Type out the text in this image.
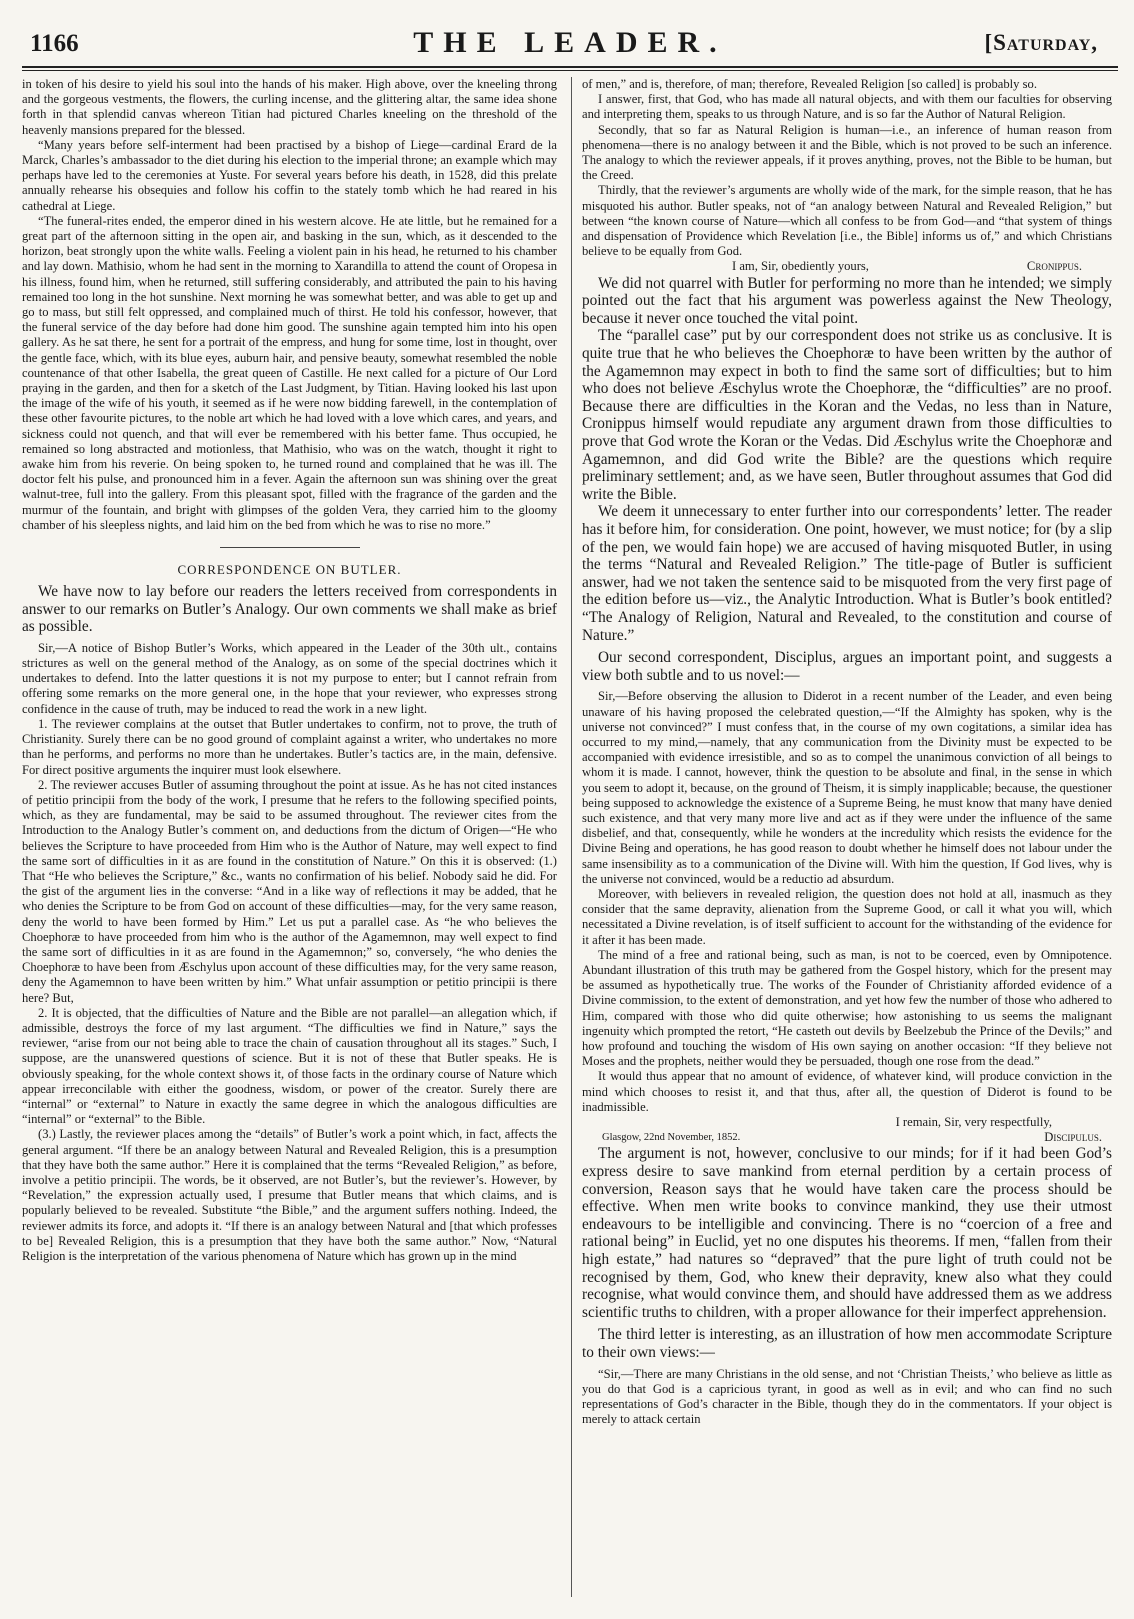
1166	THE LEADER.	[Saturday,

in token of his desire to yield his soul into the hands of his maker. High above, over the kneeling throng and the gorgeous vestments, the flowers, the curling incense, and the glittering altar, the same idea shone forth in that splendid canvas whereon Titian had pictured Charles kneeling on the threshold of the heavenly mansions prepared for the blessed.

“Many years before self-interment had been practised by a bishop of Liege—cardinal Erard de la Marck, Charles’s ambassador to the diet during his election to the imperial throne; an example which may perhaps have led to the ceremonies at Yuste. For several years before his death, in 1528, did this prelate annually rehearse his obsequies and follow his coffin to the stately tomb which he had reared in his cathedral at Liege.

“The funeral-rites ended, the emperor dined in his western alcove. He ate little, but he remained for a great part of the afternoon sitting in the open air, and basking in the sun, which, as it descended to the horizon, beat strongly upon the white walls. Feeling a violent pain in his head, he returned to his chamber and lay down. Mathisio, whom he had sent in the morning to Xarandilla to attend the count of Oropesa in his illness, found him, when he returned, still suffering considerably, and attributed the pain to his having remained too long in the hot sunshine. Next morning he was somewhat better, and was able to get up and go to mass, but still felt oppressed, and complained much of thirst. He told his confessor, however, that the funeral service of the day before had done him good. The sunshine again tempted him into his open gallery. As he sat there, he sent for a portrait of the empress, and hung for some time, lost in thought, over the gentle face, which, with its blue eyes, auburn hair, and pensive beauty, somewhat resembled the noble countenance of that other Isabella, the great queen of Castille. He next called for a picture of Our Lord praying in the garden, and then for a sketch of the Last Judgment, by Titian. Having looked his last upon the image of the wife of his youth, it seemed as if he were now bidding farewell, in the contemplation of these other favourite pictures, to the noble art which he had loved with a love which cares, and years, and sickness could not quench, and that will ever be remembered with his better fame. Thus occupied, he remained so long abstracted and motionless, that Mathisio, who was on the watch, thought it right to awake him from his reverie. On being spoken to, he turned round and complained that he was ill. The doctor felt his pulse, and pronounced him in a fever. Again the afternoon sun was shining over the great walnut-tree, full into the gallery. From this pleasant spot, filled with the fragrance of the garden and the murmur of the fountain, and bright with glimpses of the golden Vera, they carried him to the gloomy chamber of his sleepless nights, and laid him on the bed from which he was to rise no more.”

CORRESPONDENCE ON BUTLER.

We have now to lay before our readers the letters received from correspondents in answer to our remarks on Butler’s Analogy. Our own comments we shall make as brief as possible.

Sir,—A notice of Bishop Butler’s Works, which appeared in the Leader of the 30th ult., contains strictures as well on the general method of the Analogy, as on some of the special doctrines which it undertakes to defend. Into the latter questions it is not my purpose to enter; but I cannot refrain from offering some remarks on the more general one, in the hope that your reviewer, who expresses strong confidence in the cause of truth, may be induced to read the work in a new light.

1. The reviewer complains at the outset that Butler undertakes to confirm, not to prove, the truth of Christianity. Surely there can be no good ground of complaint against a writer, who undertakes no more than he performs, and performs no more than he undertakes. Butler’s tactics are, in the main, defensive. For direct positive arguments the inquirer must look elsewhere.

2. The reviewer accuses Butler of assuming throughout the point at issue. As he has not cited instances of petitio principii from the body of the work, I presume that he refers to the following specified points, which, as they are fundamental, may be said to be assumed throughout. The reviewer cites from the Introduction to the Analogy Butler’s comment on, and deductions from the dictum of Origen—“He who believes the Scripture to have proceeded from Him who is the Author of Nature, may well expect to find the same sort of difficulties in it as are found in the constitution of Nature.” On this it is observed: (1.) That “He who believes the Scripture,” &c., wants no confirmation of his belief. Nobody said he did. For the gist of the argument lies in the converse: “And in a like way of reflections it may be added, that he who denies the Scripture to be from God on account of these difficulties—may, for the very same reason, deny the world to have been formed by Him.” Let us put a parallel case. As “he who believes the Choephoræ to have proceeded from him who is the author of the Agamemnon, may well expect to find the same sort of difficulties in it as are found in the Agamemnon;” so, conversely, “he who denies the Choephoræ to have been from Æschylus upon account of these difficulties may, for the very same reason, deny the Agamemnon to have been written by him.” What unfair assumption or petitio principii is there here? But,

2. It is objected, that the difficulties of Nature and the Bible are not parallel—an allegation which, if admissible, destroys the force of my last argument. “The difficulties we find in Nature,” says the reviewer, “arise from our not being able to trace the chain of causation throughout all its stages.” Such, I suppose, are the unanswered questions of science. But it is not of these that Butler speaks. He is obviously speaking, for the whole context shows it, of those facts in the ordinary course of Nature which appear irreconcilable with either the goodness, wisdom, or power of the creator. Surely there are “internal” or “external” to Nature in exactly the same degree in which the analogous difficulties are “internal” or “external” to the Bible.

(3.) Lastly, the reviewer places among the “details” of Butler’s work a point which, in fact, affects the general argument. “If there be an analogy between Natural and Revealed Religion, this is a presumption that they have both the same author.” Here it is complained that the terms “Revealed Religion,” as before, involve a petitio principii. The words, be it observed, are not Butler’s, but the reviewer’s. However, by “Revelation,” the expression actually used, I presume that Butler means that which claims, and is popularly believed to be revealed. Substitute “the Bible,” and the argument suffers nothing. Indeed, the reviewer admits its force, and adopts it. “If there is an analogy between Natural and [that which professes to be] Revealed Religion, this is a presumption that they have both the same author.” Now, “Natural Religion is the interpretation of the various phenomena of Nature which has grown up in the mind

of men,” and is, therefore, of man; therefore, Revealed Religion [so called] is probably so.

I answer, first, that God, who has made all natural objects, and with them our faculties for observing and interpreting them, speaks to us through Nature, and is so far the Author of Natural Religion.

Secondly, that so far as Natural Religion is human—i.e., an inference of human reason from phenomena—there is no analogy between it and the Bible, which is not proved to be such an inference. The analogy to which the reviewer appeals, if it proves anything, proves, not the Bible to be human, but the Creed.

Thirdly, that the reviewer’s arguments are wholly wide of the mark, for the simple reason, that he has misquoted his author. Butler speaks, not of “an analogy between Natural and Revealed Religion,” but between “the known course of Nature—which all confess to be from God—and “that system of things and dispensation of Providence which Revelation [i.e., the Bible] informs us of,” and which Christians believe to be equally from God.

I am, Sir, obediently yours,	Cronippus.

We did not quarrel with Butler for performing no more than he intended; we simply pointed out the fact that his argument was powerless against the New Theology, because it never once touched the vital point.

The “parallel case” put by our correspondent does not strike us as conclusive. It is quite true that he who believes the Choephoræ to have been written by the author of the Agamemnon may expect in both to find the same sort of difficulties; but to him who does not believe Æschylus wrote the Choephoræ, the “difficulties” are no proof. Because there are difficulties in the Koran and the Vedas, no less than in Nature, Cronippus himself would repudiate any argument drawn from those difficulties to prove that God wrote the Koran or the Vedas. Did Æschylus write the Choephoræ and Agamemnon, and did God write the Bible? are the questions which require preliminary settlement; and, as we have seen, Butler throughout assumes that God did write the Bible.

We deem it unnecessary to enter further into our correspondents’ letter. The reader has it before him, for consideration. One point, however, we must notice; for (by a slip of the pen, we would fain hope) we are accused of having misquoted Butler, in using the terms “Natural and Revealed Religion.” The title-page of Butler is sufficient answer, had we not taken the sentence said to be misquoted from the very first page of the edition before us—viz., the Analytic Introduction. What is Butler’s book entitled? “The Analogy of Religion, Natural and Revealed, to the constitution and course of Nature.”

Our second correspondent, Disciplus, argues an important point, and suggests a view both subtle and to us novel:—

Sir,—Before observing the allusion to Diderot in a recent number of the Leader, and even being unaware of his having proposed the celebrated question,—“If the Almighty has spoken, why is the universe not convinced?” I must confess that, in the course of my own cogitations, a similar idea has occurred to my mind,—namely, that any communication from the Divinity must be expected to be accompanied with evidence irresistible, and so as to compel the unanimous conviction of all beings to whom it is made. I cannot, however, think the question to be absolute and final, in the sense in which you seem to adopt it, because, on the ground of Theism, it is simply inapplicable; because, the questioner being supposed to acknowledge the existence of a Supreme Being, he must know that many have denied such existence, and that very many more live and act as if they were under the influence of the same disbelief, and that, consequently, while he wonders at the incredulity which resists the evidence for the Divine Being and operations, he has good reason to doubt whether he himself does not labour under the same insensibility as to a communication of the Divine will. With him the question, If God lives, why is the universe not convinced, would be a reductio ad absurdum.

Moreover, with believers in revealed religion, the question does not hold at all, inasmuch as they consider that the same depravity, alienation from the Supreme Good, or call it what you will, which necessitated a Divine revelation, is of itself sufficient to account for the withstanding of the evidence for it after it has been made.

The mind of a free and rational being, such as man, is not to be coerced, even by Omnipotence. Abundant illustration of this truth may be gathered from the Gospel history, which for the present may be assumed as hypothetically true. The works of the Founder of Christianity afforded evidence of a Divine commission, to the extent of demonstration, and yet how few the number of those who adhered to Him, compared with those who did quite otherwise; how astonishing to us seems the malignant ingenuity which prompted the retort, “He casteth out devils by Beelzebub the Prince of the Devils;” and how profound and touching the wisdom of His own saying on another occasion: “If they believe not Moses and the prophets, neither would they be persuaded, though one rose from the dead.”

It would thus appear that no amount of evidence, of whatever kind, will produce conviction in the mind which chooses to resist it, and that thus, after all, the question of Diderot is found to be inadmissible.

I remain, Sir, very respectfully,
Glasgow, 22nd November, 1852.	Discipulus.

The argument is not, however, conclusive to our minds; for if it had been God’s express desire to save mankind from eternal perdition by a certain process of conversion, Reason says that he would have taken care the process should be effective. When men write books to convince mankind, they use their utmost endeavours to be intelligible and convincing. There is no “coercion of a free and rational being” in Euclid, yet no one disputes his theorems. If men, “fallen from their high estate,” had natures so “depraved” that the pure light of truth could not be recognised by them, God, who knew their depravity, knew also what they could recognise, what would convince them, and should have addressed them as we address scientific truths to children, with a proper allowance for their imperfect apprehension.

The third letter is interesting, as an illustration of how men accommodate Scripture to their own views:—

“Sir,—There are many Christians in the old sense, and not ‘Christian Theists,’ who believe as little as you do that God is a capricious tyrant, in good as well as in evil; and who can find no such representations of God’s character in the Bible, though they do in the commentators. If your object is merely to attack certain
